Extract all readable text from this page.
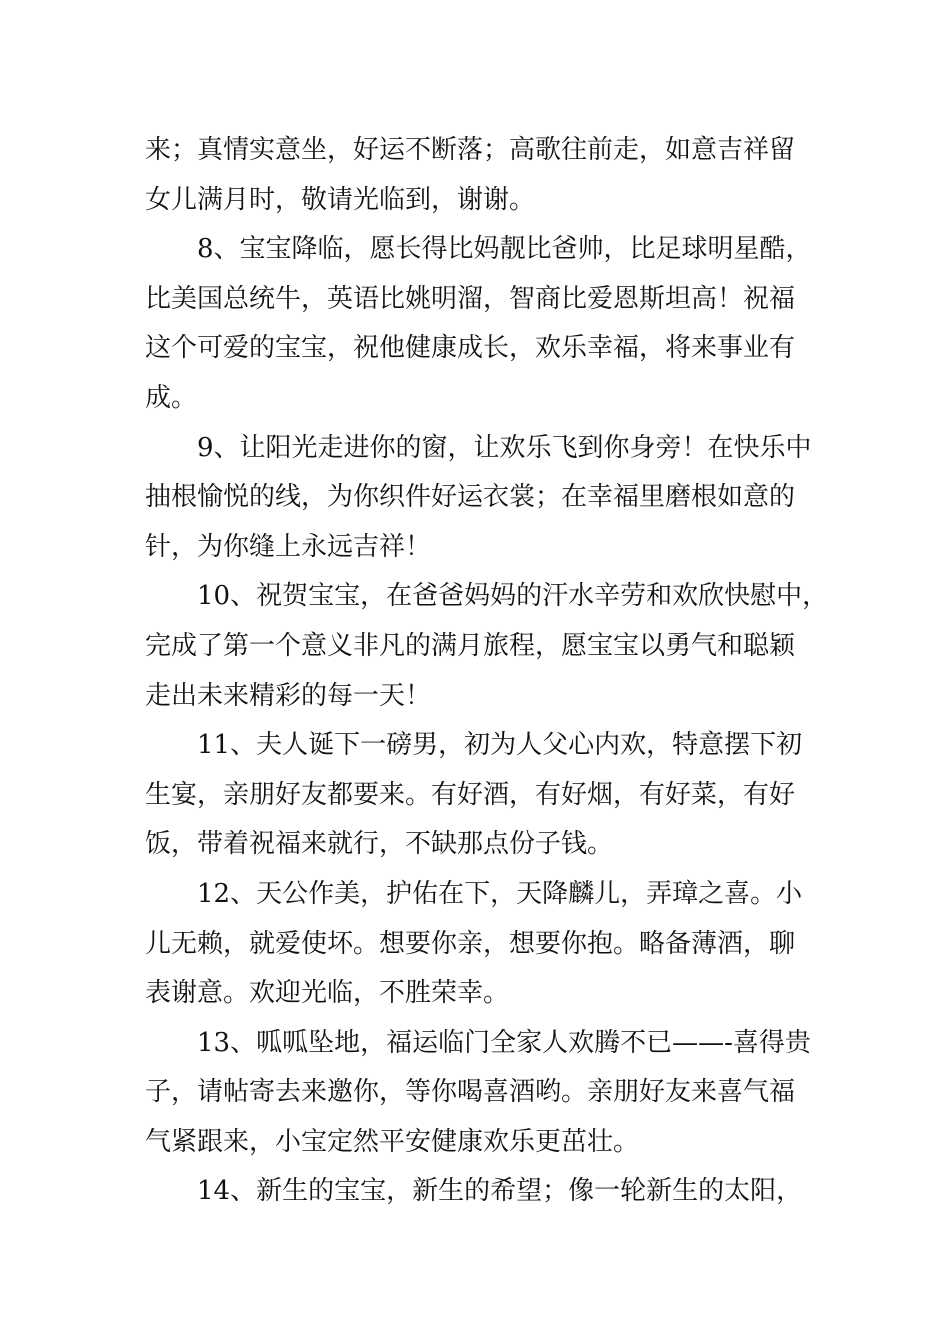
来；真情实意坐，好运不断落；高歌往前走，如意吉祥留
女儿满月时，敬请光临到，谢谢。

8、宝宝降临，愿长得比妈靓比爸帅，比足球明星酷，
比美国总统牛，英语比姚明溜，智商比爱恩斯坦高！祝福
这个可爱的宝宝，祝他健康成长，欢乐幸福，将来事业有
成。

9、让阳光走进你的窗，让欢乐飞到你身旁！在快乐中
抽根愉悦的线，为你织件好运衣裳；在幸福里磨根如意的
针，为你缝上永远吉祥！

10、祝贺宝宝，在爸爸妈妈的汗水辛劳和欢欣快慰中，
完成了第一个意义非凡的满月旅程，愿宝宝以勇气和聪颖
走出未来精彩的每一天！

11、夫人诞下一磅男，初为人父心内欢，特意摆下初
生宴，亲朋好友都要来。有好酒，有好烟，有好菜，有好
饭，带着祝福来就行，不缺那点份子钱。

12、天公作美，护佑在下，天降麟儿，弄璋之喜。小
儿无赖，就爱使坏。想要你亲，想要你抱。略备薄酒，聊
表谢意。欢迎光临，不胜荣幸。

13、呱呱坠地，福运临门全家人欢腾不已——-喜得贵
子，请帖寄去来邀你，等你喝喜酒哟。亲朋好友来喜气福
气紧跟来，小宝定然平安健康欢乐更茁壮。

14、新生的宝宝，新生的希望；像一轮新生的太阳，
